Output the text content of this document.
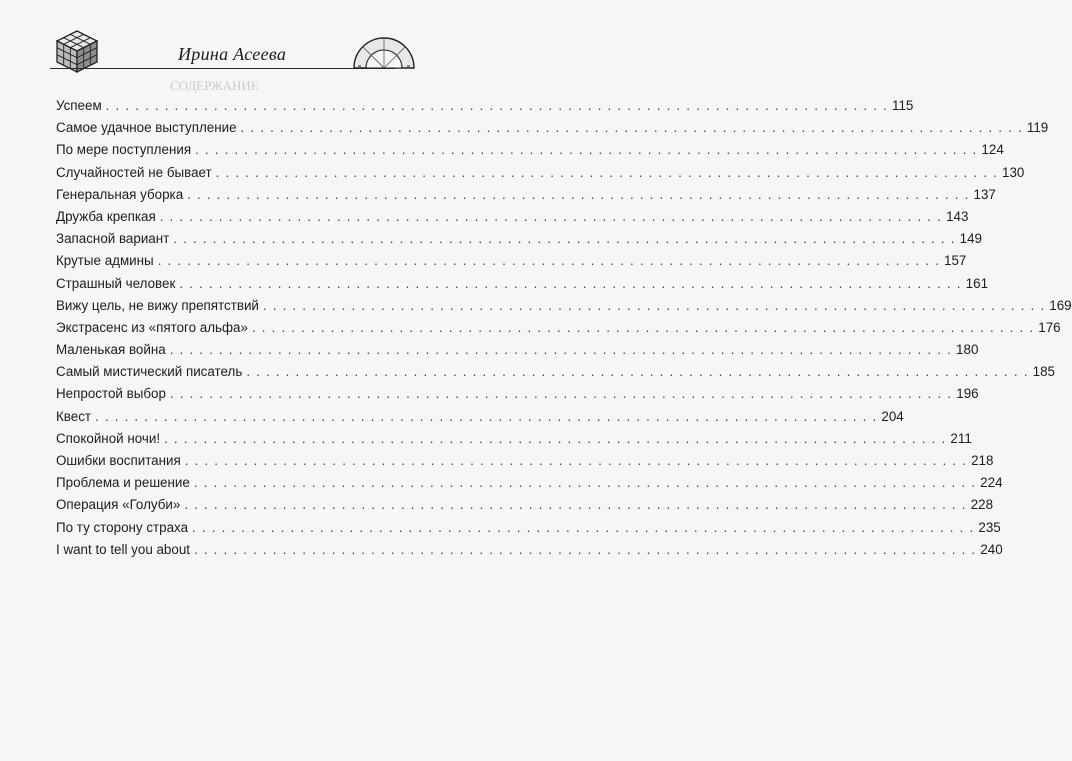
Ирина Асеева
СОДЕРЖАНИЕ
Успеем . . . . . . . . . . . . . . . . . . . . . . . . . . . . . . . . . . . . . . . . . . . . . . . . . . . . . . . . . . . . . . . . . . . . . . . . . . . . . . . . 115
Самое удачное выступление . . . . . . . . . . . . . . . . . . . . . . . . . . . . . . . . . . . . . . . . . . . . . . . . . . . . . . . . . . . . . . . . . . . . . . . . . . . . . . . . 119
По мере поступления . . . . . . . . . . . . . . . . . . . . . . . . . . . . . . . . . . . . . . . . . . . . . . . . . . . . . . . . . . . . . . . . . . . . . . . . . . . . . . . . 124
Случайностей не бывает . . . . . . . . . . . . . . . . . . . . . . . . . . . . . . . . . . . . . . . . . . . . . . . . . . . . . . . . . . . . . . . . . . . . . . . . . . . . . . . . 130
Генеральная уборка . . . . . . . . . . . . . . . . . . . . . . . . . . . . . . . . . . . . . . . . . . . . . . . . . . . . . . . . . . . . . . . . . . . . . . . . . . . . . . . . 137
Дружба крепкая . . . . . . . . . . . . . . . . . . . . . . . . . . . . . . . . . . . . . . . . . . . . . . . . . . . . . . . . . . . . . . . . . . . . . . . . . . . . . . . . 143
Запасной вариант . . . . . . . . . . . . . . . . . . . . . . . . . . . . . . . . . . . . . . . . . . . . . . . . . . . . . . . . . . . . . . . . . . . . . . . . . . . . . . . . 149
Крутые админы . . . . . . . . . . . . . . . . . . . . . . . . . . . . . . . . . . . . . . . . . . . . . . . . . . . . . . . . . . . . . . . . . . . . . . . . . . . . . . . . 157
Страшный человек . . . . . . . . . . . . . . . . . . . . . . . . . . . . . . . . . . . . . . . . . . . . . . . . . . . . . . . . . . . . . . . . . . . . . . . . . . . . . . . . 161
Вижу цель, не вижу препятствий . . . . . . . . . . . . . . . . . . . . . . . . . . . . . . . . . . . . . . . . . . . . . . . . . . . . . . . . . . . . . . . . . . . . . . . . . . . . . . . . 169
Экстрасенс из «пятого альфа» . . . . . . . . . . . . . . . . . . . . . . . . . . . . . . . . . . . . . . . . . . . . . . . . . . . . . . . . . . . . . . . . . . . . . . . . . . . . . . . . 176
Маленькая война . . . . . . . . . . . . . . . . . . . . . . . . . . . . . . . . . . . . . . . . . . . . . . . . . . . . . . . . . . . . . . . . . . . . . . . . . . . . . . . . 180
Самый мистический писатель . . . . . . . . . . . . . . . . . . . . . . . . . . . . . . . . . . . . . . . . . . . . . . . . . . . . . . . . . . . . . . . . . . . . . . . . . . . . . . . . 185
Непростой выбор . . . . . . . . . . . . . . . . . . . . . . . . . . . . . . . . . . . . . . . . . . . . . . . . . . . . . . . . . . . . . . . . . . . . . . . . . . . . . . . . 196
Квест . . . . . . . . . . . . . . . . . . . . . . . . . . . . . . . . . . . . . . . . . . . . . . . . . . . . . . . . . . . . . . . . . . . . . . . . . . . . . . . . 204
Спокойной ночи! . . . . . . . . . . . . . . . . . . . . . . . . . . . . . . . . . . . . . . . . . . . . . . . . . . . . . . . . . . . . . . . . . . . . . . . . . . . . . . . . 211
Ошибки воспитания . . . . . . . . . . . . . . . . . . . . . . . . . . . . . . . . . . . . . . . . . . . . . . . . . . . . . . . . . . . . . . . . . . . . . . . . . . . . . . . . 218
Проблема и решение . . . . . . . . . . . . . . . . . . . . . . . . . . . . . . . . . . . . . . . . . . . . . . . . . . . . . . . . . . . . . . . . . . . . . . . . . . . . . . . . 224
Операция «Голуби» . . . . . . . . . . . . . . . . . . . . . . . . . . . . . . . . . . . . . . . . . . . . . . . . . . . . . . . . . . . . . . . . . . . . . . . . . . . . . . . . 228
По ту сторону страха . . . . . . . . . . . . . . . . . . . . . . . . . . . . . . . . . . . . . . . . . . . . . . . . . . . . . . . . . . . . . . . . . . . . . . . . . . . . . . . . 235
I want to tell you about . . . . . . . . . . . . . . . . . . . . . . . . . . . . . . . . . . . . . . . . . . . . . . . . . . . . . . . . . . . . . . . . . . . . . . . . . . . . . . . . 240
